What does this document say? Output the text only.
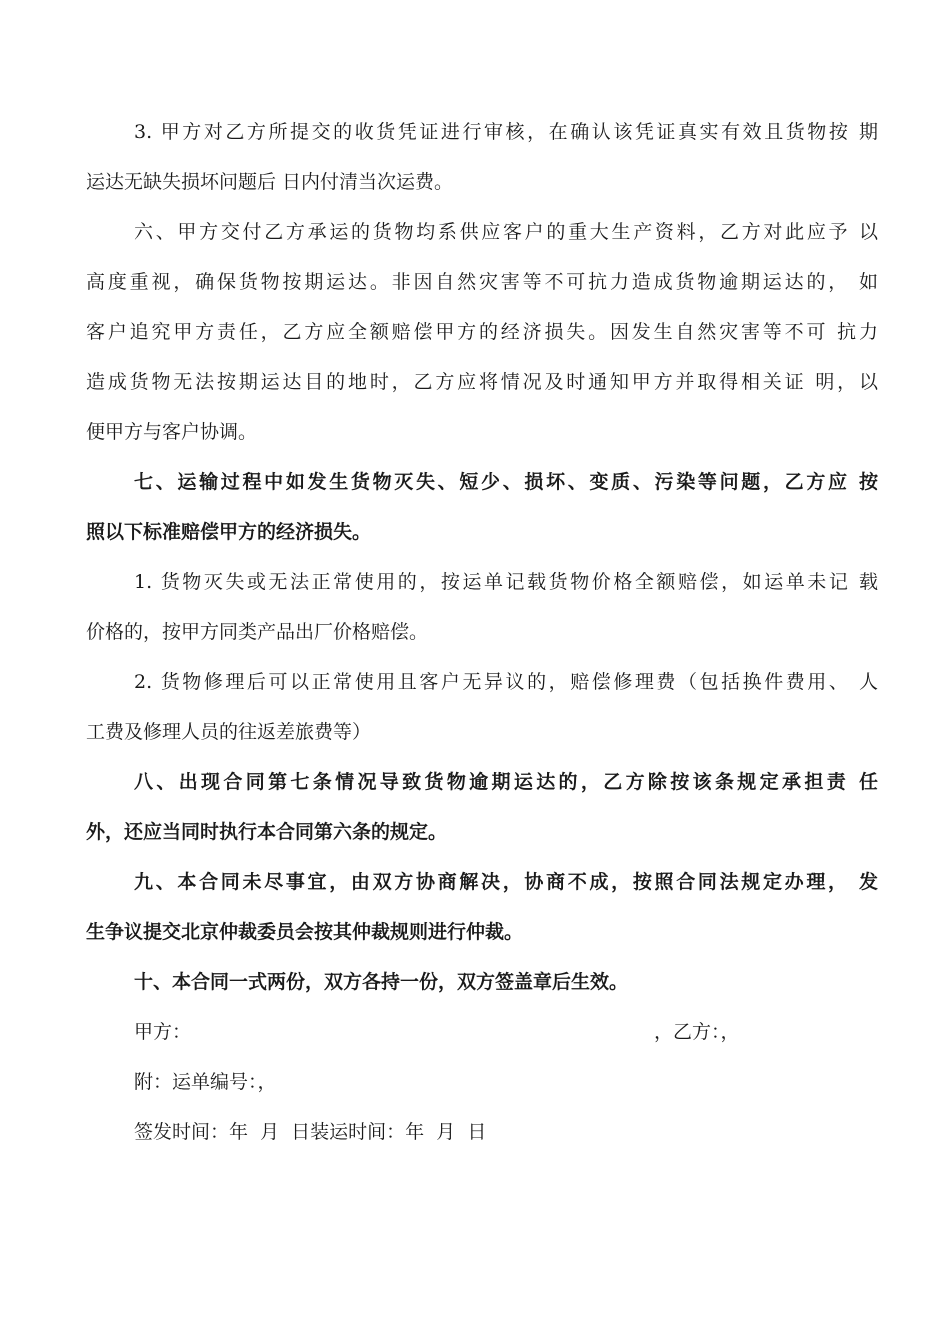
3. 甲方对乙方所提交的收货凭证进行审核，在确认该凭证真实有效且货物按 期
运达无缺失损坏问题后 日内付清当次运费。
六、甲方交付乙方承运的货物均系供应客户的重大生产资料，乙方对此应予 以
高度重视，确保货物按期运达。非因自然灾害等不可抗力造成货物逾期运达的， 如
客户追究甲方责任，乙方应全额赔偿甲方的经济损失。因发生自然灾害等不可 抗力
造成货物无法按期运达目的地时，乙方应将情况及时通知甲方并取得相关证 明，以
便甲方与客户协调。
七、运输过程中如发生货物灭失、短少、损坏、变质、污染等问题，乙方应 按
照以下标准赔偿甲方的经济损失。
1. 货物灭失或无法正常使用的，按运单记载货物价格全额赔偿，如运单未记 载
价格的，按甲方同类产品出厂价格赔偿。
2. 货物修理后可以正常使用且客户无异议的，赔偿修理费（包括换件费用、 人
工费及修理人员的往返差旅费等）
八、出现合同第七条情况导致货物逾期运达的，乙方除按该条规定承担责 任
外，还应当同时执行本合同第六条的规定。
九、本合同未尽事宜，由双方协商解决，协商不成，按照合同法规定办理， 发
生争议提交北京仲裁委员会按其仲裁规则进行仲裁。
十、本合同一式两份，双方各持一份，双方签盖章后生效。
甲方：	，乙方：，
附：运单编号：，
签发时间：年  月  日装运时间：年  月  日
